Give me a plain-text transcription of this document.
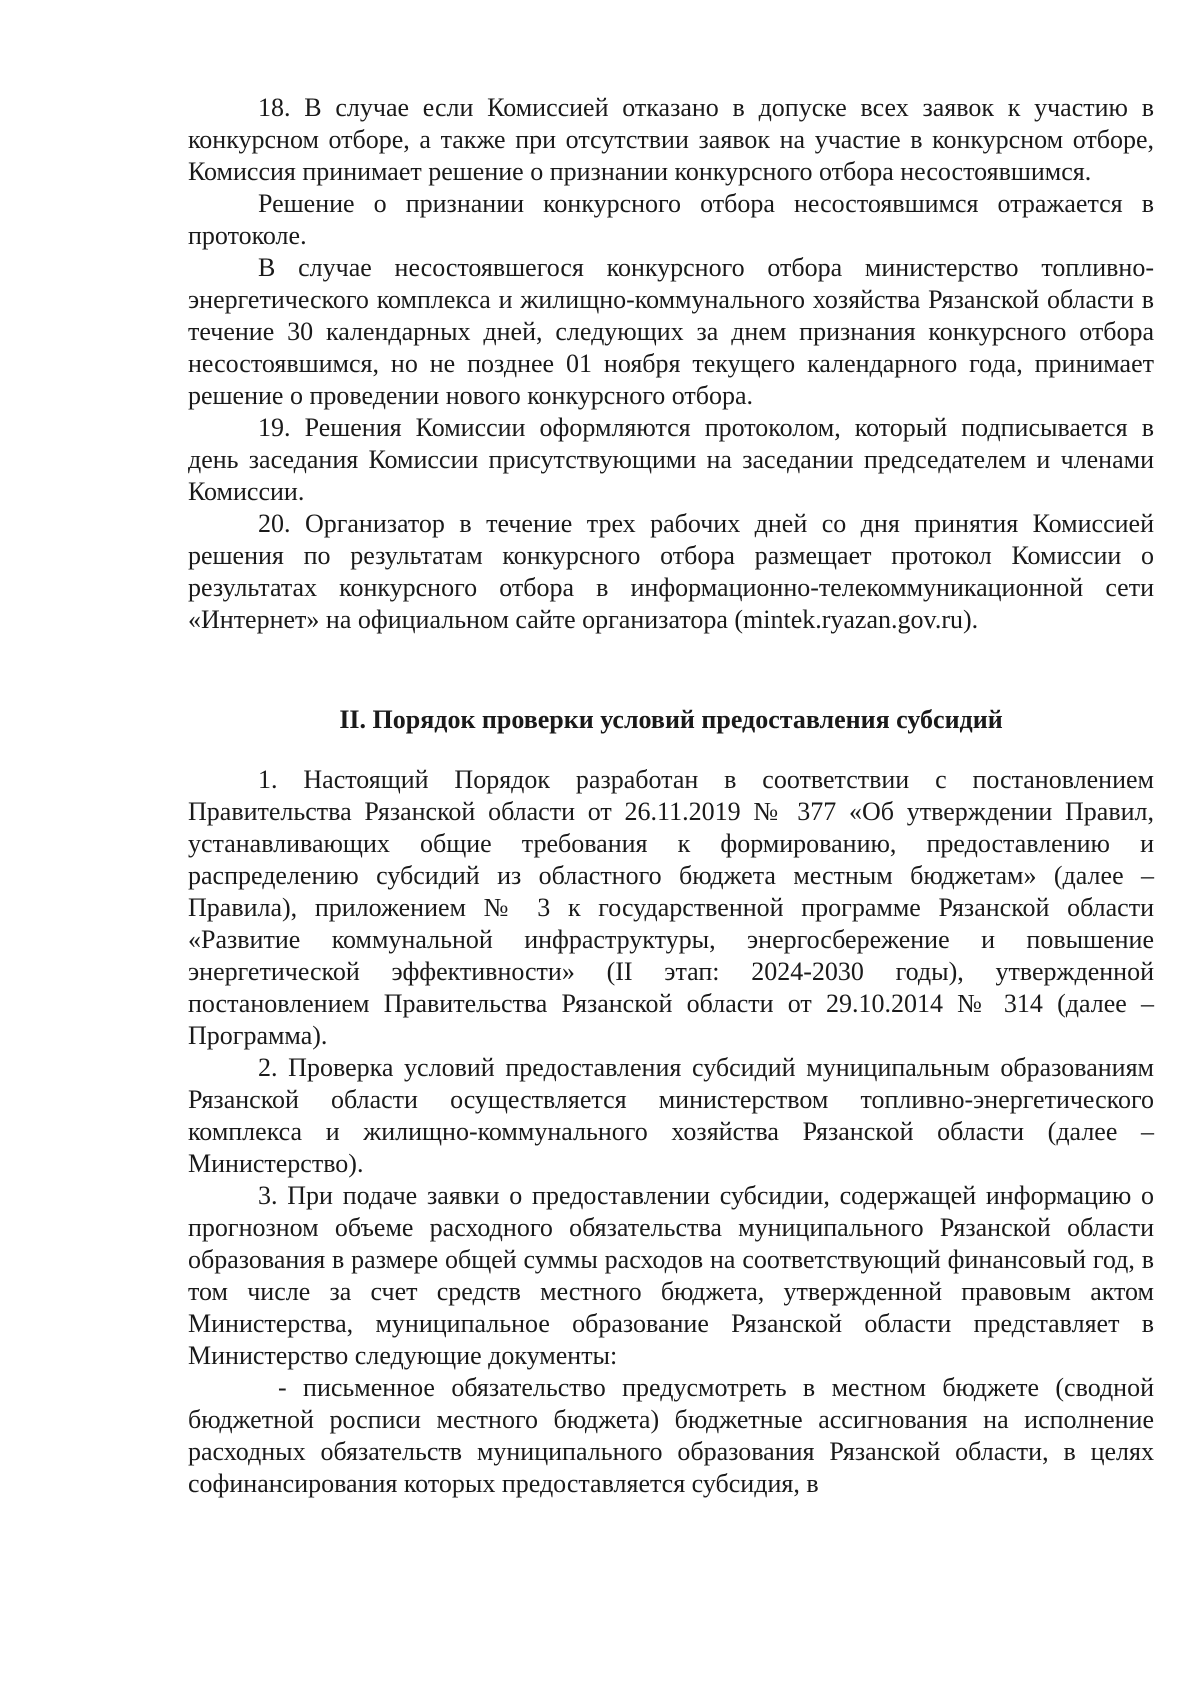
18. В случае если Комиссией отказано в допуске всех заявок к участию в конкурсном отборе, а также при отсутствии заявок на участие в конкурсном отборе, Комиссия принимает решение о признании конкурсного отбора несостоявшимся.

Решение о признании конкурсного отбора несостоявшимся отражается в протоколе.

В случае несостоявшегося конкурсного отбора министерство топливно-энергетического комплекса и жилищно-коммунального хозяйства Рязанской области в течение 30 календарных дней, следующих за днем признания конкурсного отбора несостоявшимся, но не позднее 01 ноября текущего календарного года, принимает решение о проведении нового конкурсного отбора.

19. Решения Комиссии оформляются протоколом, который подписывается в день заседания Комиссии присутствующими на заседании председателем и членами Комиссии.

20. Организатор в течение трех рабочих дней со дня принятия Комиссией решения по результатам конкурсного отбора размещает протокол Комиссии о результатах конкурсного отбора в информационно-телекоммуникационной сети «Интернет» на официальном сайте организатора (mintek.ryazan.gov.ru).

II. Порядок проверки условий предоставления субсидий

1. Настоящий Порядок разработан в соответствии с постановлением Правительства Рязанской области от 26.11.2019 № 377 «Об утверждении Правил, устанавливающих общие требования к формированию, предоставлению и распределению субсидий из областного бюджета местным бюджетам» (далее – Правила), приложением № 3 к государственной программе Рязанской области «Развитие коммунальной инфраструктуры, энергосбережение и повышение энергетической эффективности» (II этап: 2024-2030 годы), утвержденной постановлением Правительства Рязанской области от 29.10.2014 № 314 (далее – Программа).

2. Проверка условий предоставления субсидий муниципальным образованиям Рязанской области осуществляется министерством топливно-энергетического комплекса и жилищно-коммунального хозяйства Рязанской области (далее – Министерство).

3. При подаче заявки о предоставлении субсидии, содержащей информацию о прогнозном объеме расходного обязательства муниципального Рязанской области образования в размере общей суммы расходов на соответствующий финансовый год, в том числе за счет средств местного бюджета, утвержденной правовым актом Министерства, муниципальное образование Рязанской области представляет в Министерство следующие документы:

- письменное обязательство предусмотреть в местном бюджете (сводной бюджетной росписи местного бюджета) бюджетные ассигнования на исполнение расходных обязательств муниципального образования Рязанской области, в целях софинансирования которых предоставляется субсидия, в
